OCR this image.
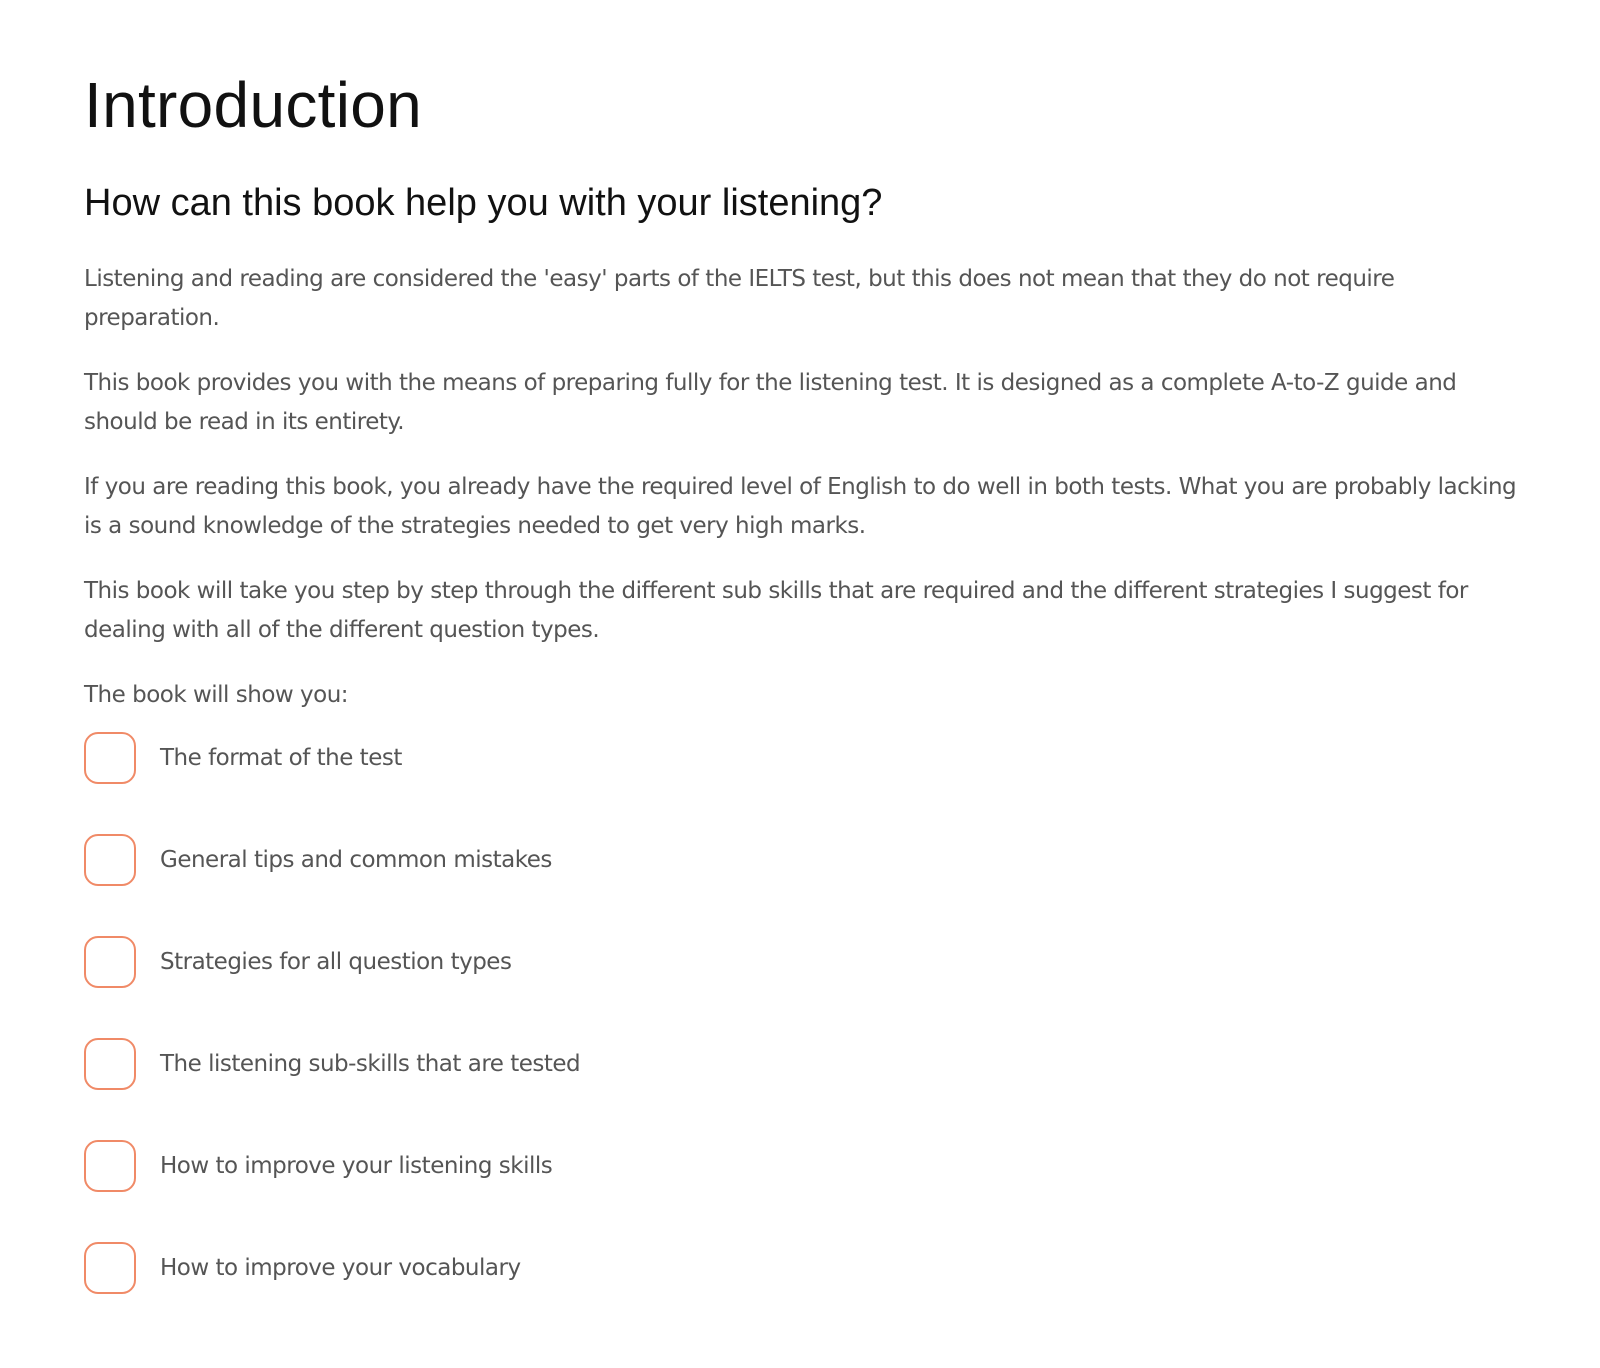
Introduction
How can this book help you with your listening?

Listening and reading are considered the 'easy' parts of the IELTS test, but this does not mean that they do not require preparation.

This book provides you with the means of preparing fully for the listening test. It is designed as a complete A-to-Z guide and should be read in its entirety.

If you are reading this book, you already have the required level of English to do well in both tests. What you are probably lacking is a sound knowledge of the strategies needed to get very high marks.

This book will take you step by step through the different sub skills that are required and the different strategies I suggest for dealing with all of the different question types.

The book will show you:
The format of the test
General tips and common mistakes
Strategies for all question types
The listening sub-skills that are tested
How to improve your listening skills
How to improve your vocabulary
